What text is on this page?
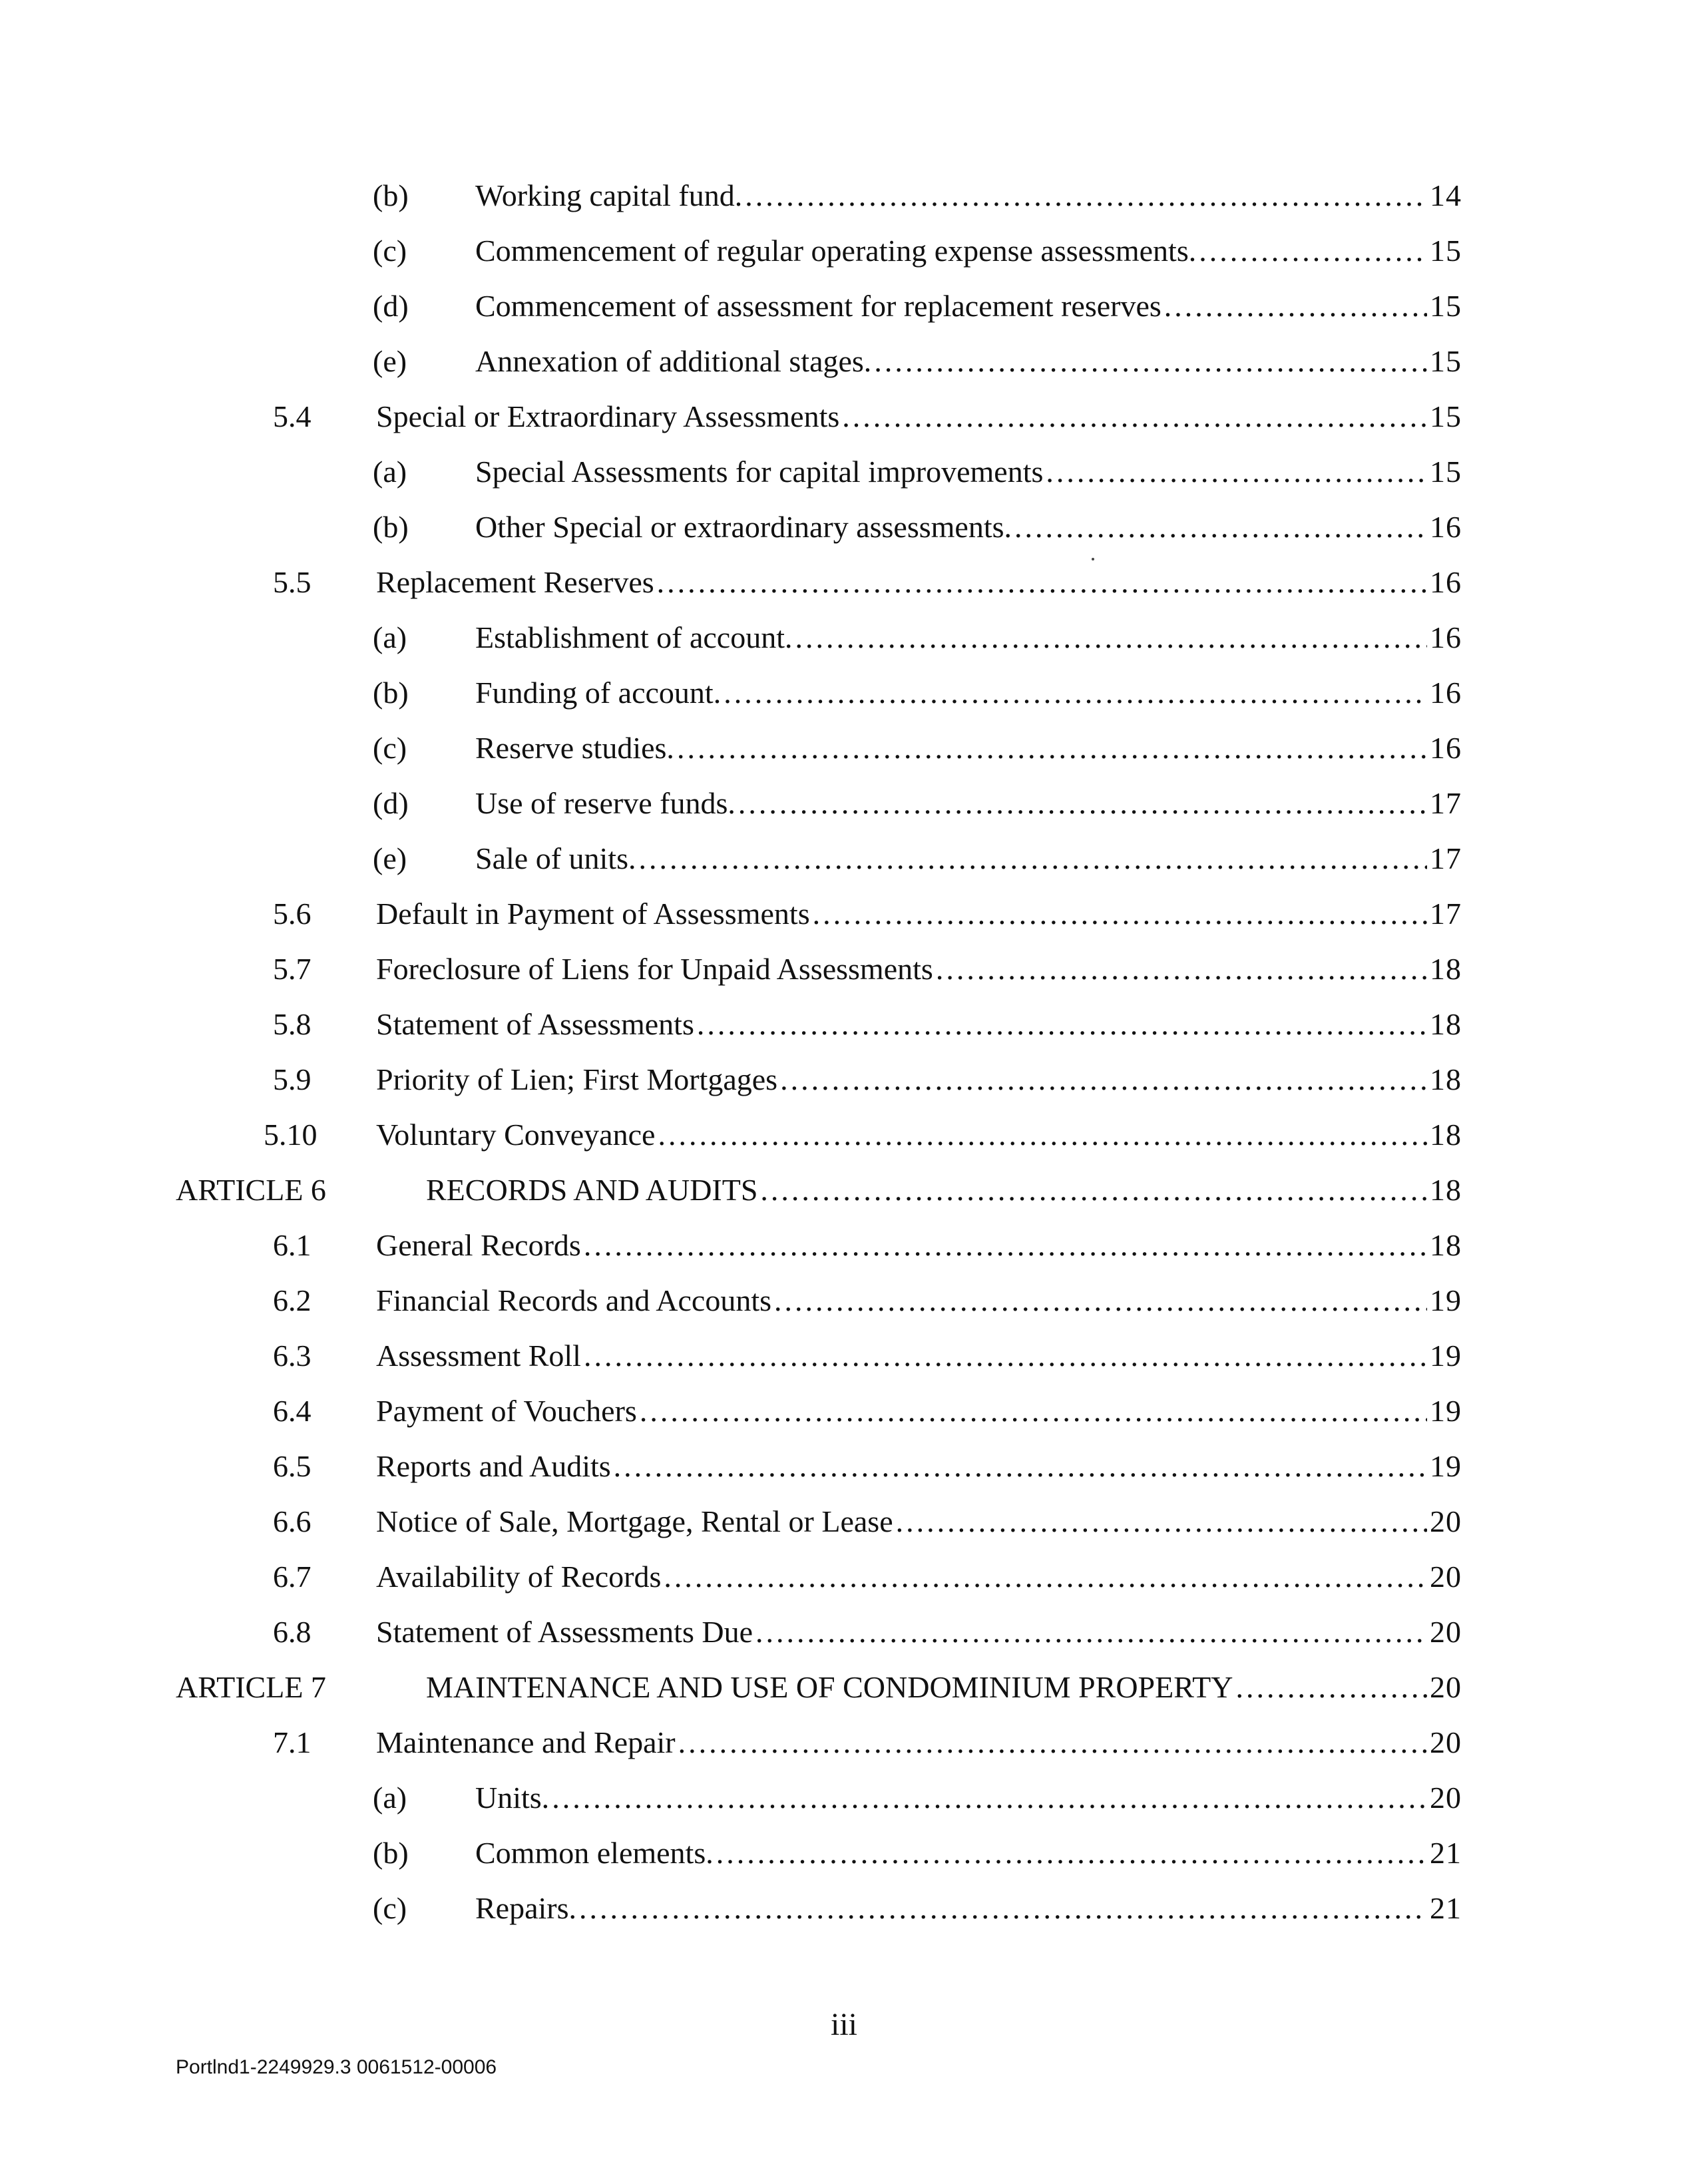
(b) Working capital fund. .....	14
(c) Commencement of regular operating expense assessments. .....	15
(d) Commencement of assessment for replacement reserves .....	15
(e) Annexation of additional stages. .....	15
5.4 Special or Extraordinary Assessments .....	15
(a) Special Assessments for capital improvements .....	15
(b) Other Special or extraordinary assessments. .....	16
5.5 Replacement Reserves .....	16
(a) Establishment of account. .....	16
(b) Funding of account. .....	16
(c) Reserve studies. .....	16
(d) Use of reserve funds. .....	17
(e) Sale of units. .....	17
5.6 Default in Payment of Assessments .....	17
5.7 Foreclosure of Liens for Unpaid Assessments .....	18
5.8 Statement of Assessments .....	18
5.9 Priority of Lien; First Mortgages .....	18
5.10 Voluntary Conveyance .....	18
ARTICLE 6	RECORDS AND AUDITS .....	18
6.1 General Records .....	18
6.2 Financial Records and Accounts .....	19
6.3 Assessment Roll .....	19
6.4 Payment of Vouchers .....	19
6.5 Reports and Audits .....	19
6.6 Notice of Sale, Mortgage, Rental or Lease .....	20
6.7 Availability of Records .....	20
6.8 Statement of Assessments Due .....	20
ARTICLE 7	MAINTENANCE AND USE OF CONDOMINIUM PROPERTY .....	20
7.1 Maintenance and Repair .....	20
(a) Units. .....	20
(b) Common elements. .....	21
(c) Repairs. .....	21
iii
Portlnd1-2249929.3 0061512-00006
